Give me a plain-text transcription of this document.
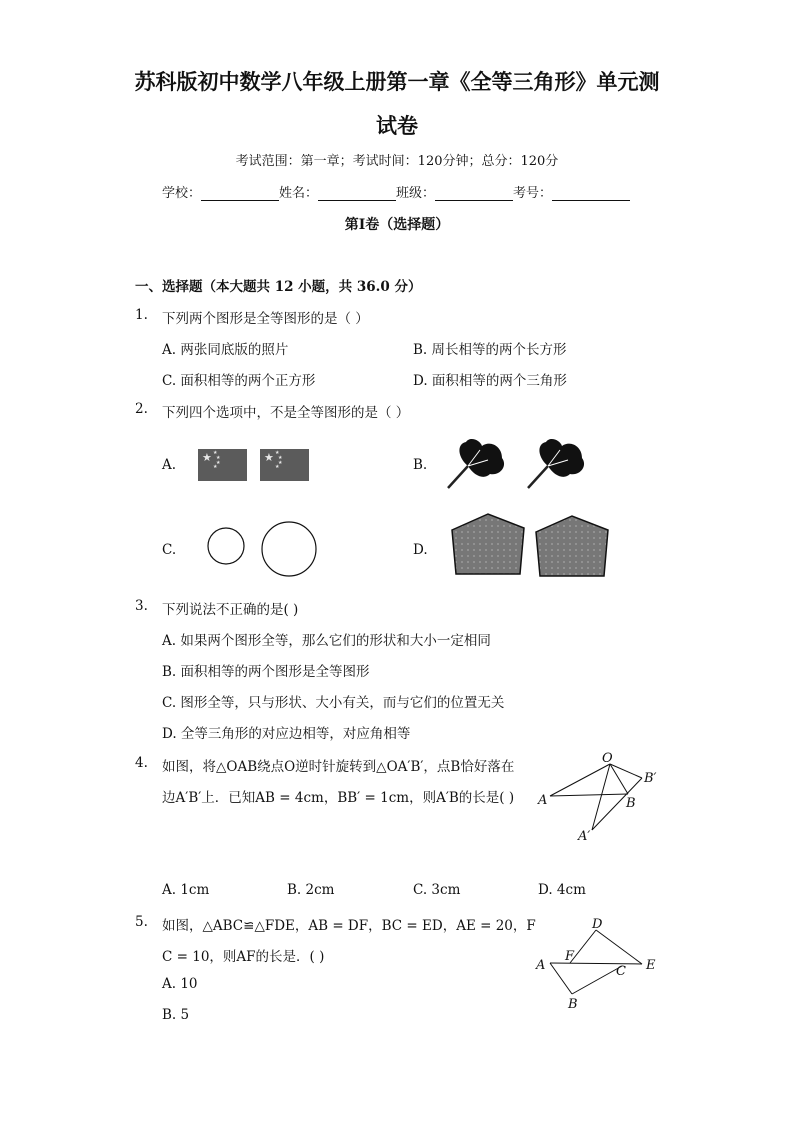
苏科版初中数学八年级上册第一章《全等三角形》单元测
试卷
考试范围：第一章；考试时间：120分钟；总分：120分
学校：	姓名：	班级：	考号：
第Ⅰ卷（选择题）
一、选择题（本大题共 12 小题，共 36.0 分）
1. 下列两个图形是全等图形的是（ ）
A. 两张同底版的照片	B. 周长相等的两个长方形
C. 面积相等的两个正方形	D. 面积相等的两个三角形
2. 下列四个选项中，不是全等图形的是（ ）
A. ★ ★
★
★
★
★ ★
★
★
★	B.
C.	D.
3. 下列说法不正确的是( )
A. 如果两个图形全等，那么它们的形状和大小一定相同
B. 面积相等的两个图形是全等图形
C. 图形全等，只与形状、大小有关，而与它们的位置无关
D. 全等三角形的对应边相等，对应角相等
4. 如图，将△OAB绕点O逆时针旋转到△OA′B′，点B恰好落在
边A′B′上．已知AB = 4cm，BB′ = 1cm，则A′B的长是( )
O
A	B
B′
A′
A. 1cm	B. 2cm	C. 3cm	D. 4cm
5. 如图，△ABC≌△FDE，AB = DF，BC = ED，AE = 20，F
C = 10，则AF的长是．( )
A. 10
B. 5
D
A
F
C E
B
